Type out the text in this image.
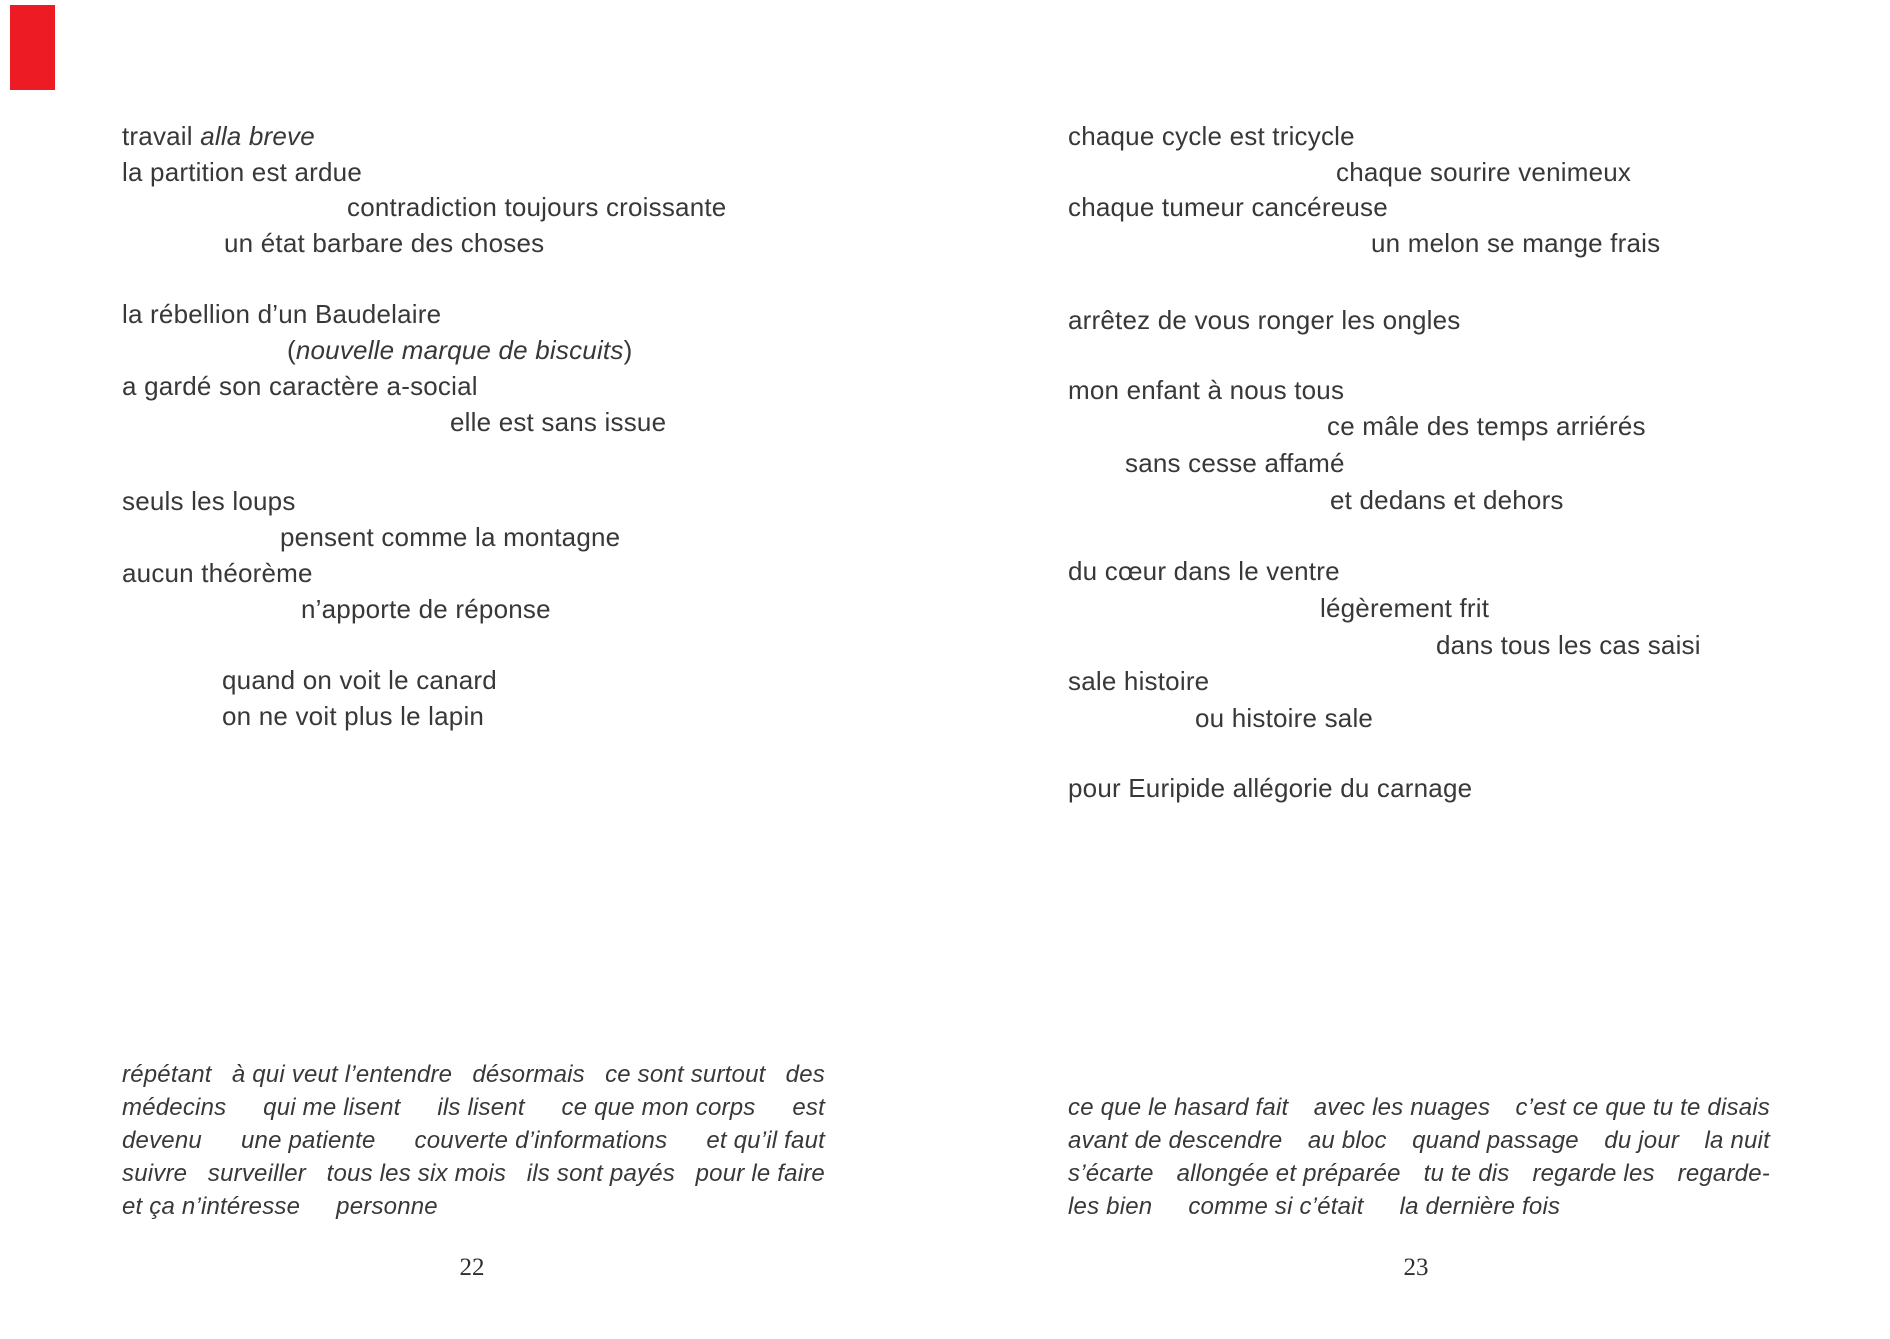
travail alla breve
la partition est ardue
contradiction toujours croissante
un état barbare des choses
la rébellion d’un Baudelaire
(nouvelle marque de biscuits)
a gardé son caractère a-social
elle est sans issue
seuls les loups
pensent comme la montagne
aucun théorème
n’apporte de réponse
quand on voit le canard
on ne voit plus le lapin
répétant à qui veut l’entendre désormais ce sont surtout des
médecins qui me lisent ils lisent ce que mon corps est
devenu une patiente couverte d’informations et qu’il faut
suivre surveiller tous les six mois ils sont payés pour le faire
et ça n’intéresse personne
chaque cycle est tricycle
chaque sourire venimeux
chaque tumeur cancéreuse
un melon se mange frais
arrêtez de vous ronger les ongles
mon enfant à nous tous
ce mâle des temps arriérés
sans cesse affamé
et dedans et dehors
du cœur dans le ventre
légèrement frit
dans tous les cas saisi
sale histoire
ou histoire sale
pour Euripide allégorie du carnage
ce que le hasard fait avec les nuages c’est ce que tu te disais
avant de descendre au bloc quand passage du jour la nuit
s’écarte allongée et préparée tu te dis regarde les regarde-
les bien comme si c’était la dernière fois
22	23
